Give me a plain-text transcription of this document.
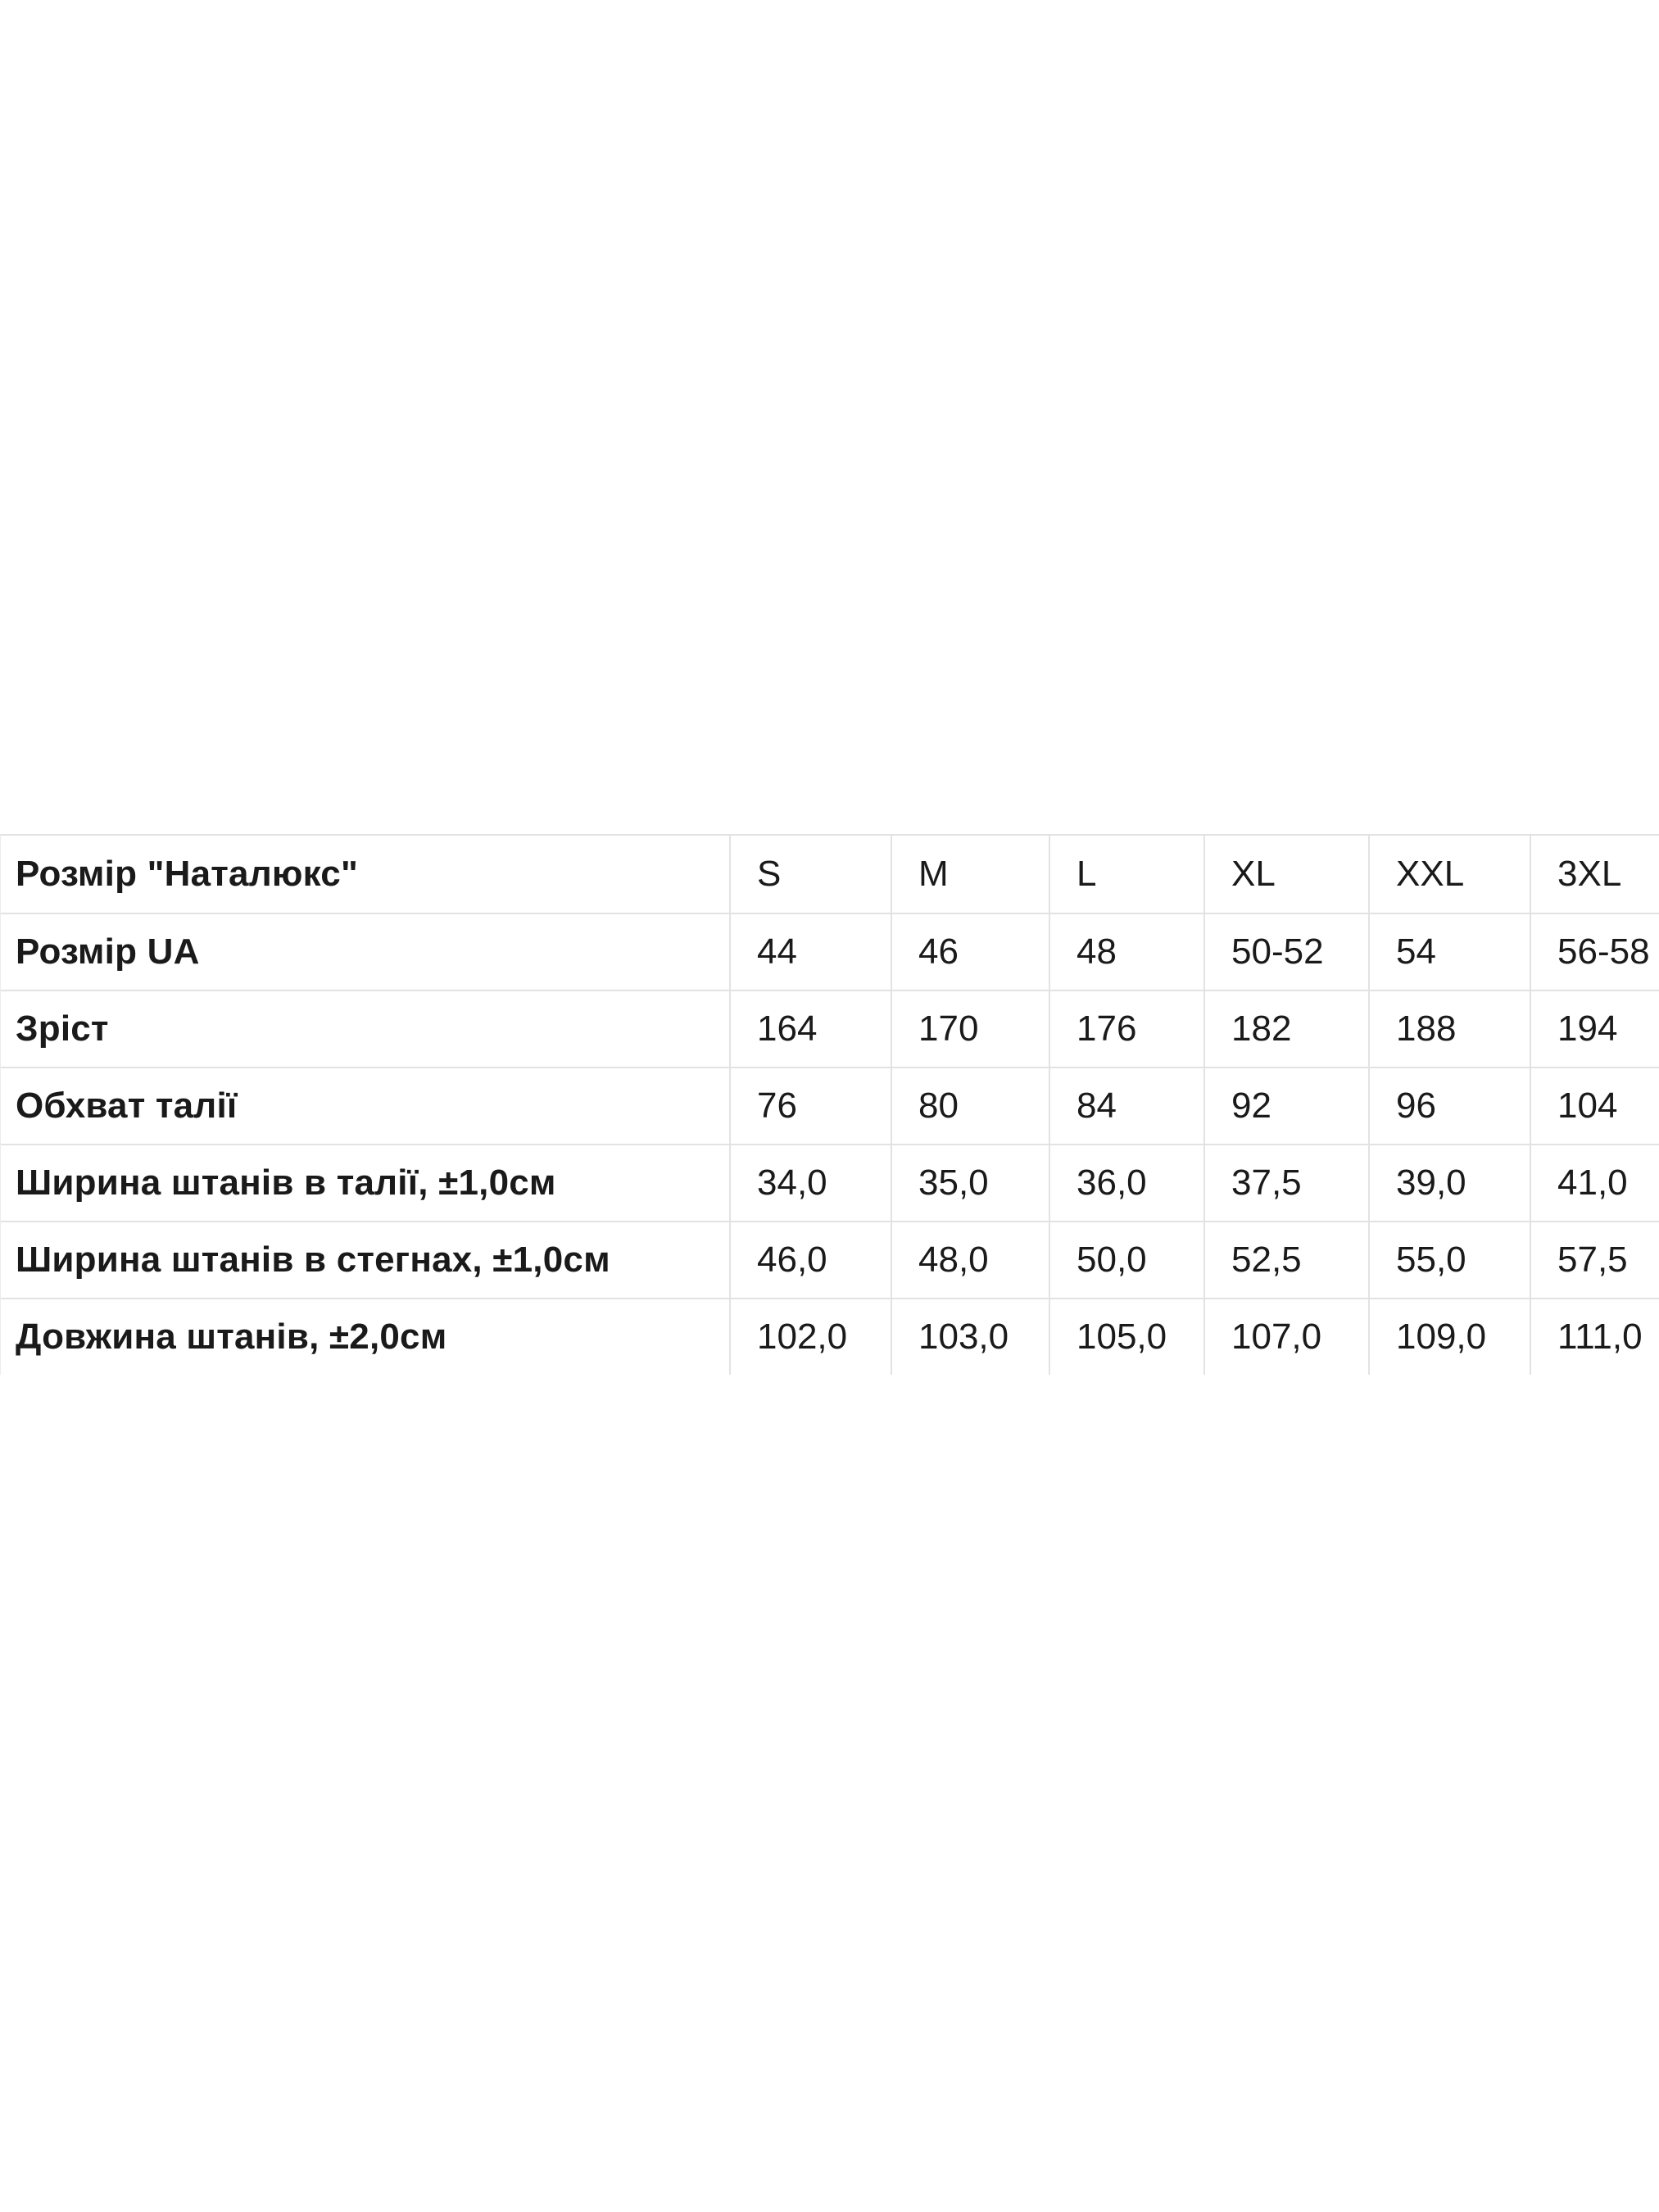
Розмір "Наталюкс"	S	M	L	XL	XXL	3XL
Розмір UA	44	46	48	50-52	54	56-58
Зріст	164	170	176	182	188	194
Обхват талії	76	80	84	92	96	104
Ширина штанів в талії, ±1,0см	34,0	35,0	36,0	37,5	39,0	41,0
Ширина штанів в стегнах, ±1,0см	46,0	48,0	50,0	52,5	55,0	57,5
Довжина штанів, ±2,0см	102,0	103,0	105,0	107,0	109,0	111,0
